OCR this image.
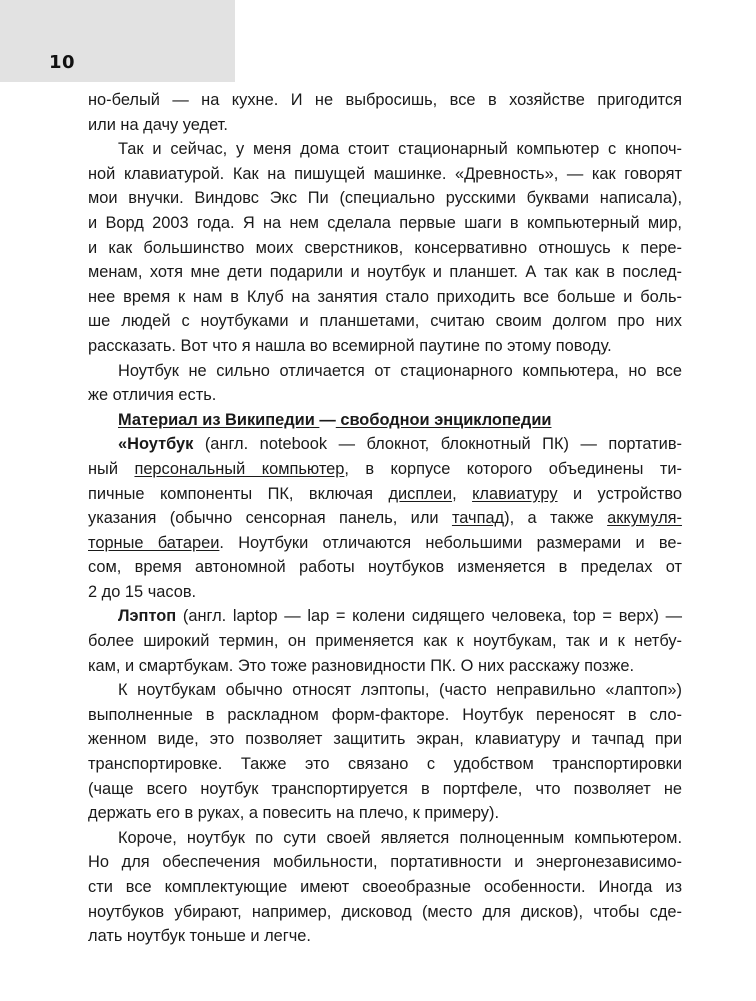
10
но-белый — на кухне. И не выбросишь, все в хозяйстве пригодится
или на дачу уедет.
Так и сейчас, у меня дома стоит стационарный компьютер с кнопоч-
ной клавиатурой. Как на пишущей машинке. «Древность», — как говорят
мои внучки. Виндовс Экс Пи (специально русскими буквами написала),
и Ворд 2003 года. Я на нем сделала первые шаги в компьютерный мир,
и как большинство моих сверстников, консервативно отношусь к пере-
менам, хотя мне дети подарили и ноутбук и планшет. А так как в послед-
нее время к нам в Клуб на занятия стало приходить все больше и боль-
ше людей с ноутбуками и планшетами, считаю своим долгом про них
рассказать. Вот что я нашла во всемирной паутине по этому поводу.
Ноутбук не сильно отличается от стационарного компьютера, но все
же отличия есть.
Материал из Википедии — свободнои энциклопедии
«Ноутбук (англ. notebook — блокнот, блокнотный ПК) — портатив-
ный персональный компьютер, в корпусе которого объединены ти-
пичные компоненты ПК, включая дисплеи, клавиатуру и устройство
указания (обычно сенсорная панель, или тачпад), а также аккумуля-
торные батареи. Ноутбуки отличаются небольшими размерами и ве-
сом, время автономной работы ноутбуков изменяется в пределах от
2 до 15 часов.
Лэптоп (англ. laptop — lap = колени сидящего человека, top = верх) —
более широкий термин, он применяется как к ноутбукам, так и к нетбу-
кам, и смартбукам. Это тоже разновидности ПК. О них расскажу позже.
К ноутбукам обычно относят лэптопы, (часто неправильно «лаптоп»)
выполненные в раскладном форм-факторе. Ноутбук переносят в сло-
женном виде, это позволяет защитить экран, клавиатуру и тачпад при
транспортировке. Также это связано с удобством транспортировки
(чаще всего ноутбук транспортируется в портфеле, что позволяет не
держать его в руках, а повесить на плечо, к примеру).
Короче, ноутбук по сути своей является полноценным компьютером.
Но для обеспечения мобильности, портативности и энергонезависимо-
сти все комплектующие имеют своеобразные особенности. Иногда из
ноутбуков убирают, например, дисковод (место для дисков), чтобы сде-
лать ноутбук тоньше и легче.
